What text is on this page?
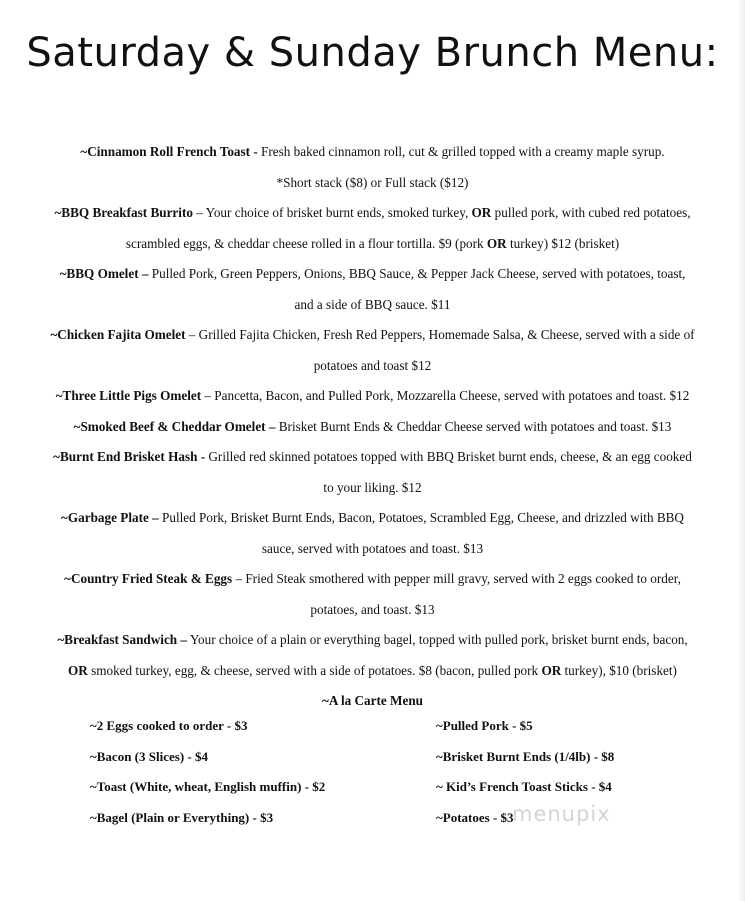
Saturday & Sunday Brunch Menu:
~Cinnamon Roll French Toast - Fresh baked cinnamon roll, cut & grilled topped with a creamy maple syrup.
*Short stack ($8) or Full stack ($12)
~BBQ Breakfast Burrito – Your choice of brisket burnt ends, smoked turkey, OR pulled pork, with cubed red potatoes,
scrambled eggs, & cheddar cheese rolled in a flour tortilla. $9 (pork OR turkey) $12 (brisket)
~BBQ Omelet – Pulled Pork, Green Peppers, Onions, BBQ Sauce, & Pepper Jack Cheese, served with potatoes, toast,
and a side of BBQ sauce. $11
~Chicken Fajita Omelet – Grilled Fajita Chicken, Fresh Red Peppers, Homemade Salsa, & Cheese, served with a side of
potatoes and toast $12
~Three Little Pigs Omelet – Pancetta, Bacon, and Pulled Pork, Mozzarella Cheese, served with potatoes and toast. $12
~Smoked Beef & Cheddar Omelet – Brisket Burnt Ends & Cheddar Cheese served with potatoes and toast. $13
~Burnt End Brisket Hash - Grilled red skinned potatoes topped with BBQ Brisket burnt ends, cheese, & an egg cooked
to your liking. $12
~Garbage Plate – Pulled Pork, Brisket Burnt Ends, Bacon, Potatoes, Scrambled Egg, Cheese, and drizzled with BBQ
sauce, served with potatoes and toast. $13
~Country Fried Steak & Eggs – Fried Steak smothered with pepper mill gravy, served with 2 eggs cooked to order,
potatoes, and toast. $13
~Breakfast Sandwich – Your choice of a plain or everything bagel, topped with pulled pork, brisket burnt ends, bacon,
OR smoked turkey, egg, & cheese, served with a side of potatoes. $8 (bacon, pulled pork OR turkey), $10 (brisket)
~A la Carte Menu
~2 Eggs cooked to order - $3
~Bacon (3 Slices) - $4
~Toast (White, wheat, English muffin) - $2
~Bagel (Plain or Everything) - $3
~Pulled Pork - $5
~Brisket Burnt Ends (1/4lb) - $8
~ Kid’s French Toast Sticks - $4
~Potatoes - $3
menupix
